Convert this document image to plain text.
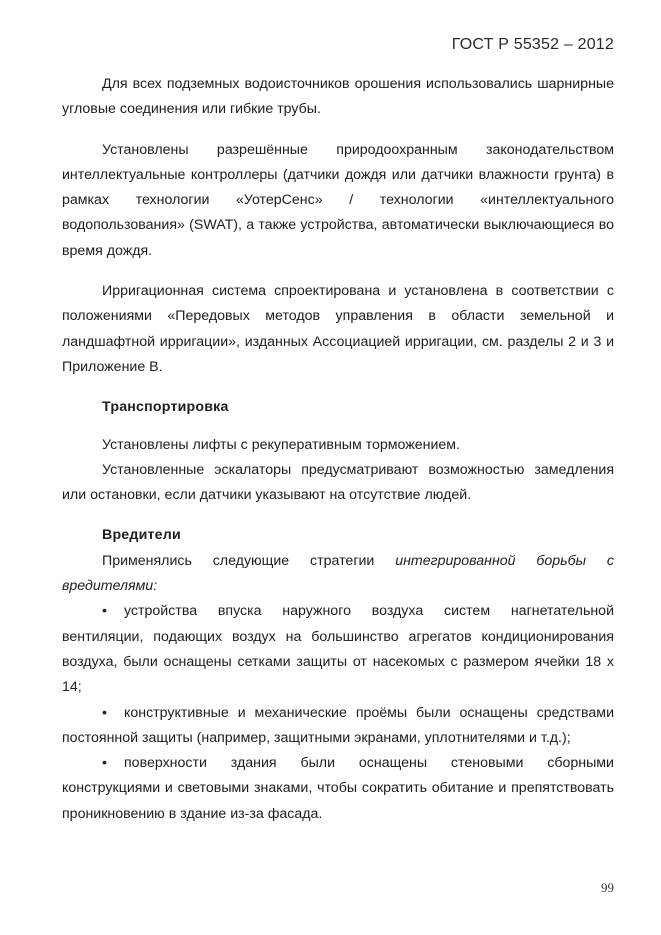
ГОСТ Р 55352 – 2012

Для всех подземных водоисточников орошения использовались шарнирные угловые соединения или гибкие трубы.

Установлены разрешённые природоохранным законодательством интеллектуальные контроллеры (датчики дождя или датчики влажности грунта) в рамках технологии «УотерСенс» / технологии «интеллектуального водопользования» (SWAT), а также устройства, автоматически выключающиеся во время дождя.

Ирригационная система спроектирована и установлена в соответствии с положениями «Передовых методов управления в области земельной и ландшафтной ирригации», изданных Ассоциацией ирригации, см. разделы 2 и 3 и Приложение В.

Транспортировка

Установлены лифты с рекуперативным торможением.

Установленные эскалаторы предусматривают возможностью замедления или остановки, если датчики указывают на отсутствие людей.

Вредители

Применялись следующие стратегии интегрированной борьбы с вредителями:

• устройства впуска наружного воздуха систем нагнетательной вентиляции, подающих воздух на большинство агрегатов кондиционирования воздуха, были оснащены сетками защиты от насекомых с размером ячейки 18 x 14;

• конструктивные и механические проёмы были оснащены средствами постоянной защиты (например, защитными экранами, уплотнителями и т.д.);

• поверхности здания были оснащены стеновыми сборными конструкциями и световыми знаками, чтобы сократить обитание и препятствовать проникновению в здание из-за фасада.

99
